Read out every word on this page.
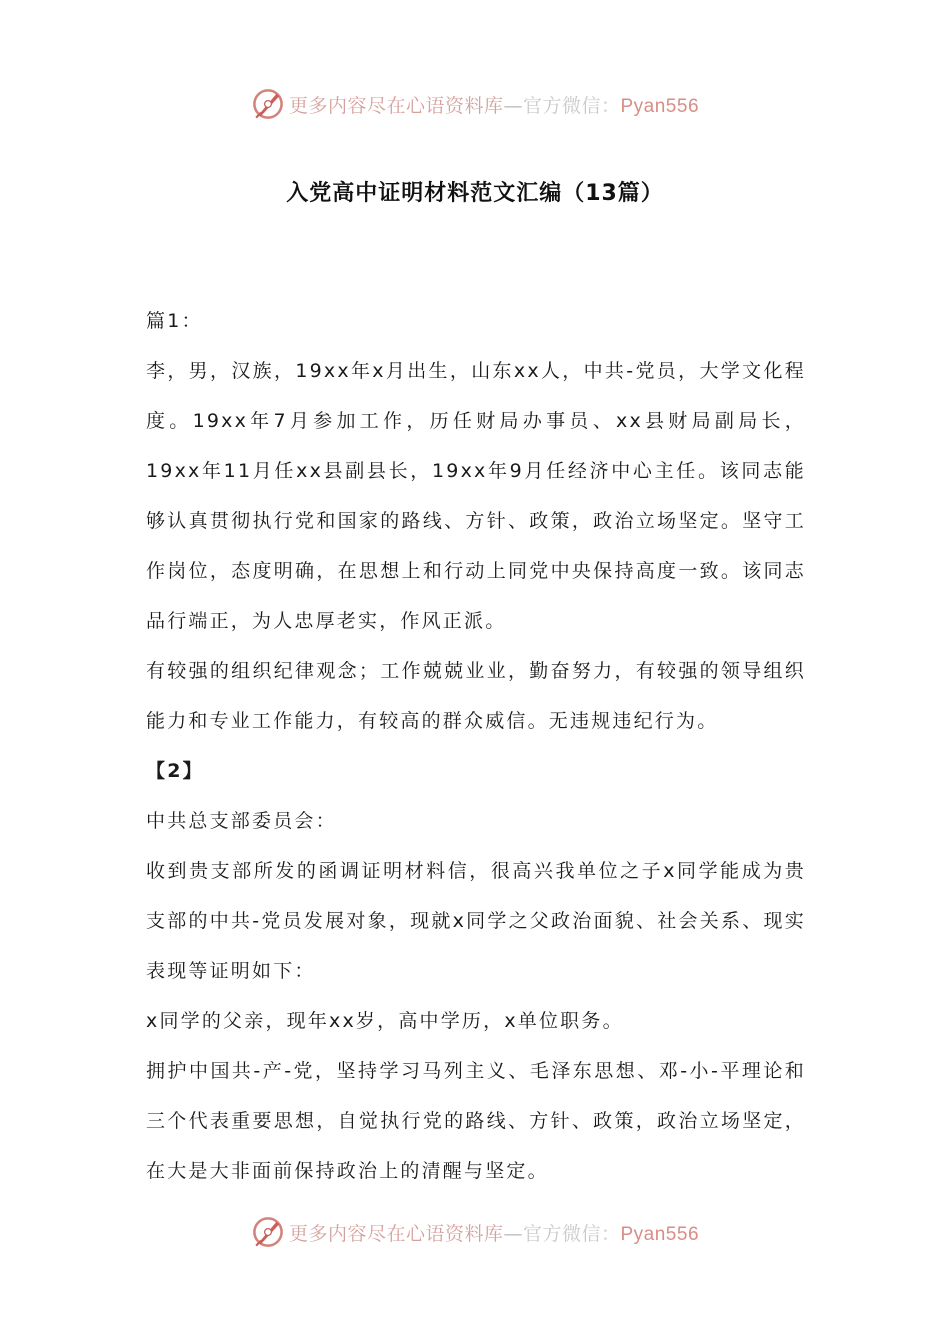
更多内容尽在心语资料库—官方微信：Pyan556
入党高中证明材料范文汇编（13篇）

篇1：

李，男，汉族，19xx年x月出生，山东xx人，中共-党员，大学文化程度。19xx年7月参加工作，历任财局办事员、xx县财局副局长，19xx年11月任xx县副县长，19xx年9月任经济中心主任。该同志能够认真贯彻执行党和国家的路线、方针、政策，政治立场坚定。坚守工作岗位，态度明确，在思想上和行动上同党中央保持高度一致。该同志品行端正，为人忠厚老实，作风正派。

有较强的组织纪律观念；工作兢兢业业，勤奋努力，有较强的领导组织能力和专业工作能力，有较高的群众威信。无违规违纪行为。

【2】

中共总支部委员会：

收到贵支部所发的函调证明材料信，很高兴我单位之子x同学能成为贵支部的中共-党员发展对象，现就x同学之父政治面貌、社会关系、现实表现等证明如下：

x同学的父亲，现年xx岁，高中学历，x单位职务。

拥护中国共-产-党，坚持学习马列主义、毛泽东思想、邓-小-平理论和三个代表重要思想，自觉执行党的路线、方针、政策，政治立场坚定，在大是大非面前保持政治上的清醒与坚定。

更多内容尽在心语资料库—官方微信：Pyan556
